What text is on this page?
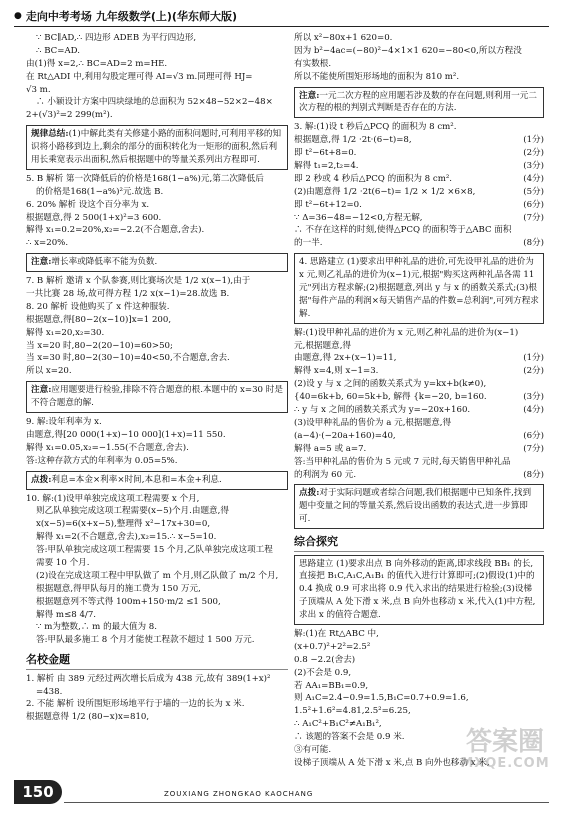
● 走向中考考场 九年级数学(上)(华东师大版)
∵ BC∥AD,∴ 四边形 ADEB 为平行四边形,
∴ BC=AD.
由(1)得 x=2,∴ BC=AD=2 m=HE.
在 Rt△ADI 中,利用勾股定理可得 AI=√3 m.同理可得 HJ=
√3 m.
∴ 小颖设计方案中四块绿地的总面积为 52×48−52×2−48×
2+(√3)²=2 299(m²).
规律总结:(1)中解此类有关修建小路的面积问题时,可利用平移的知识将小路移到边上,剩余的部分的面积转化为一矩形的面积,然后利用长乘宽表示出面积,然后根据题中的等量关系列出方程即可.
5. B 解析 第一次降低后的价格是168(1−a%)元,第二次降低后
的价格是168(1−a%)²元.故选 B.
6. 20% 解析 设这个百分率为 x.
根据题意,得 2 500(1+x)²=3 600.
解得 x₁=0.2=20%,x₂=−2.2(不合题意,舍去).
∴ x=20%.
注意:增长率或降低率不能为负数.
7. B 解析 邀请 x 个队参赛,则比赛场次是 1/2 x(x−1),由于
一共比赛 28 场,故可得方程 1/2 x(x−1)=28.故选 B.
8. 20 解析 设他购买了 x 件这种服装.
根据题意,得[80−2(x−10)]x=1 200,
解得 x₁=20,x₂=30.
当 x=20 时,80−2(20−10)=60>50;
当 x=30 时,80−2(30−10)=40<50,不合题意,舍去.
所以 x=20.
注意:应用题要进行检验,排除不符合题意的根.本题中的 x=30 时是不符合题意的解.
9. 解:设年利率为 x.
由题意,得[20 000(1+x)−10 000](1+x)=11 550.
解得 x₁=0.05,x₂=−1.55(不合题意,舍去).
答:这种存款方式的年利率为 0.05=5%.
点拨:利息=本金×利率×时间,本息和=本金+利息.
10. 解:(1)设甲单独完成这项工程需要 x 个月,
则乙队单独完成这项工程需要(x−5)个月.由题意,得
x(x−5)=6(x+x−5),整理得 x²−17x+30=0,
解得 x₁=2(不合题意,舍去),x₂=15.∴ x−5=10.
答:甲队单独完成这项工程需要 15 个月,乙队单独完成这项工程
需要 10 个月.
(2)设在完成这项工程中甲队做了 m 个月,则乙队做了 m/2 个月,
根据题意,得甲队每月的施工费为 150 万元,
根据题意列不等式得 100m+150·m/2 ≤1 500,
解得 m≤8 4/7.
∵ m为整数,∴ m 的最大值为 8.
答:甲队最多施工 8 个月才能使工程款不超过 1 500 万元.
名校金题
1. 解析 由 389 元经过两次增长后成为 438 元,故有 389(1+x)²
=438.
2. 不能 解析 设所围矩形场地平行于墙的一边的长为 x 米.
根据题意得 1/2 (80−x)x=810,
所以 x²−80x+1 620=0.
因为 b²−4ac=(−80)²−4×1×1 620=−80<0,所以方程没
有实数根.
所以不能使所围矩形场地的面积为 810 m².
注意:一元二次方程的应用题若涉及数的存在问题,则利用一元二次方程的根的判别式判断是否存在的方法.
3. 解:(1)设 t 秒后△PCQ 的面积为 8 cm².
(1分)
根据题意,得 1/2 ·2t·(6−t)=8,
(2分)
即 t²−6t+8=0.
(3分)
解得 t₁=2,t₂=4.
(4分)
即 2 秒或 4 秒后△PCQ 的面积为 8 cm².
(5分)
(2)由题意得 1/2 ·2t(6−t)= 1/2 × 1/2 ×6×8,
(6分)
即 t²−6t+12=0.
(7分)
∵ Δ=36−48=−12<0,方程无解,
∴ 不存在这样的时刻,使得△PCQ 的面积等于△ABC 面积
(8分)
的一半.
4. 思路建立 (1)要求出甲种礼品的进价,可先设甲礼品的进价为 x 元,则乙礼品的进价为(x−1)元,根据"购买这两种礼品各需 11 元"列出方程求解;(2)根据题意,列出 y 与 x 的函数关系式;(3)根据"每件产品的利润×每天销售产品的件数=总利润",可列方程求解.
解:(1)设甲种礼品的进价为 x 元,则乙种礼品的进价为(x−1)
元,根据题意,得
(1分)
由题意,得 2x+(x−1)=11,
(2分)
解得 x=4,则 x−1=3.
(2)设 y 与 x 之间的函数关系式为 y=kx+b(k≠0),
(3分)
{40=6k+b, 60=5k+b, 解得 {k=−20, b=160.
(4分)
∴ y 与 x 之间的函数关系式为 y=−20x+160.
(3)设甲种礼品的售价为 a 元,根据题意,得
(6分)
(a−4)·(−20a+160)=40,
(7分)
解得 a=5 或 a=7.
答:当甲种礼品的售价为 5 元或 7 元时,每天销售甲种礼品
(8分)
的利润为 60 元.
点拨:对于实际问题或者综合问题,我们根据题中已知条件,找到题中变量之间的等量关系,然后设出函数的表达式,进一步算即可.
综合探究
思路建立 (1)要求出点 B 向外移动的距离,即求线段 BB₁ 的长,直接把 B₁C,A₁C,A₁B₁ 的值代入进行计算即可;(2)假设(1)中的 0.4 换成 0.9 可求出将 0.9 代入求出的结果进行检验;(3)设梯子顶端从 A 处下滑 x 米,点 B 向外也移动 x 米,代入(1)中方程,求出 x 的值符合题意.
解:(1)在 Rt△ABC 中,
(x+0.7)²+2²=2.5²
0.8 −2.2(舍去)
(2)不会是 0.9,
若 AA₁=BB₁=0.9,
则 A₁C=2.4−0.9=1.5,B₁C=0.7+0.9=1.6,
1.5²+1.6²=4.81,2.5²=6.25,
∴ A₁C²+B₁C²≠A₁B₁²,
∴ 该题的答案不会是 0.9 米.
③有可能.
设梯子顶端从 A 处下滑 x 米,点 B 向外也移动 x 米,
答案圈
MXQE.COM
150	ZOUXIANG ZHONGKAO KAOCHANG
